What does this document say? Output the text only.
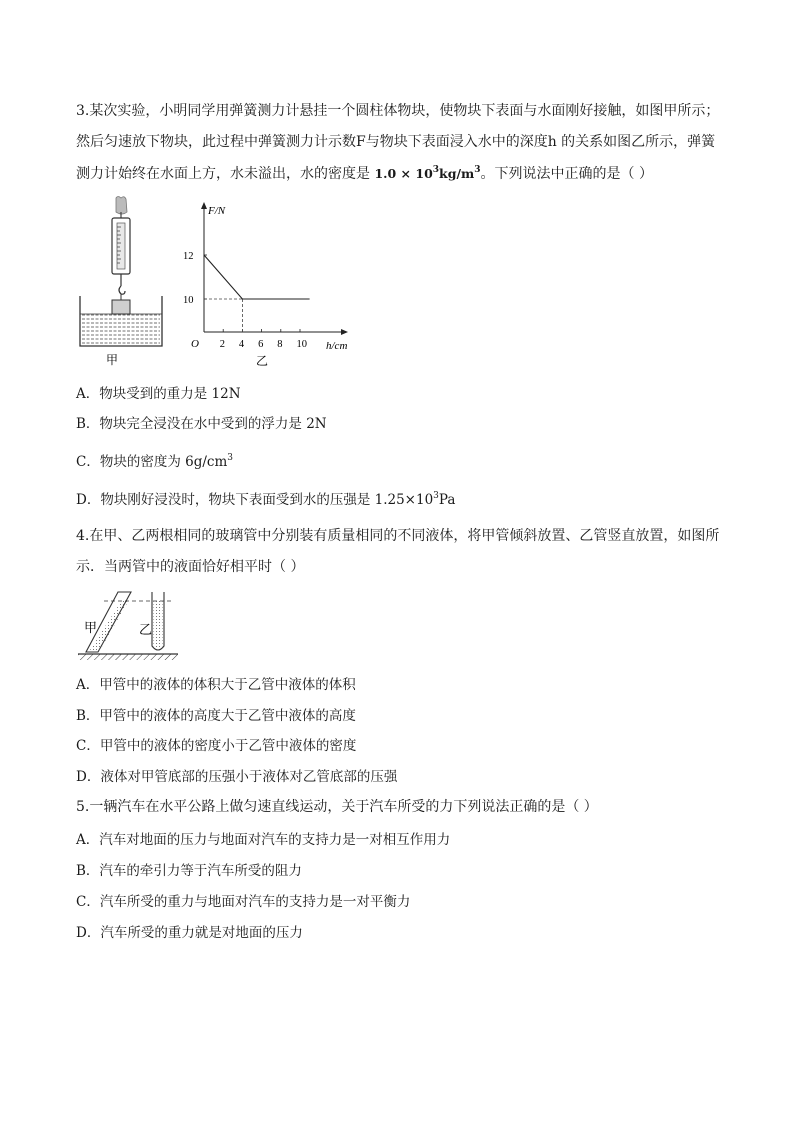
3.某次实验，小明同学用弹簧测力计悬挂一个圆柱体物块，使物块下表面与水面刚好接触，如图甲所示；然后匀速放下物块，此过程中弹簧测力计示数F与物块下表面浸入水中的深度h 的关系如图乙所示，弹簧测力计始终在水面上方，水未溢出，水的密度是 $1.0 \times 10^3kg/m^3$。下列说法中正确的是（ ）
甲
F/N
h/cm
O 2 4 6 8 10
12
10
乙
A．物块受到的重力是 12N
B．物块完全浸没在水中受到的浮力是 2N
C．物块的密度为 $6g/cm^3$
D．物块刚好浸没时，物块下表面受到水的压强是 $1.25\times 10^3Pa$
4.在甲、乙两根相同的玻璃管中分别装有质量相同的不同液体，将甲管倾斜放置、乙管竖直放置，如图所示．当两管中的液面恰好相平时（ ）
甲	乙
A．甲管中的液体的体积大于乙管中液体的体积
B．甲管中的液体的高度大于乙管中液体的高度
C．甲管中的液体的密度小于乙管中液体的密度
D．液体对甲管底部的压强小于液体对乙管底部的压强
5.一辆汽车在水平公路上做匀速直线运动，关于汽车所受的力下列说法正确的是（ ）
A．汽车对地面的压力与地面对汽车的支持力是一对相互作用力
B．汽车的牵引力等于汽车所受的阻力
C．汽车所受的重力与地面对汽车的支持力是一对平衡力
D．汽车所受的重力就是对地面的压力
